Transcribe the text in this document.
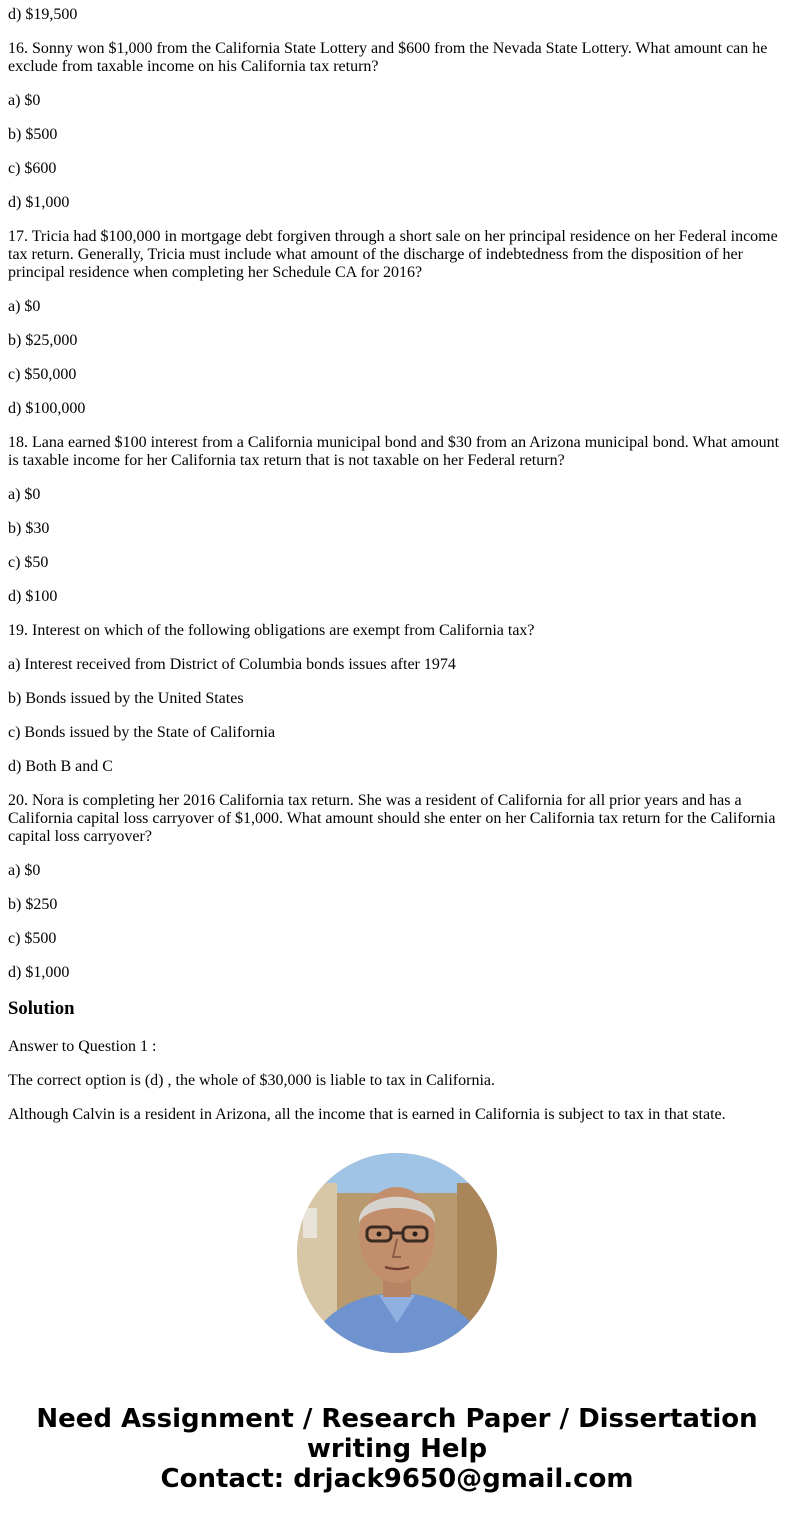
d) $19,500

16. Sonny won $1,000 from the California State Lottery and $600 from the Nevada State Lottery. What amount can he exclude from taxable income on his California tax return?

a) $0

b) $500

c) $600

d) $1,000

17. Tricia had $100,000 in mortgage debt forgiven through a short sale on her principal residence on her Federal income tax return. Generally, Tricia must include what amount of the discharge of indebtedness from the disposition of her principal residence when completing her Schedule CA for 2016?

a) $0

b) $25,000

c) $50,000

d) $100,000

18. Lana earned $100 interest from a California municipal bond and $30 from an Arizona municipal bond. What amount is taxable income for her California tax return that is not taxable on her Federal return?

a) $0

b) $30

c) $50

d) $100

19. Interest on which of the following obligations are exempt from California tax?

a) Interest received from District of Columbia bonds issues after 1974

b) Bonds issued by the United States

c) Bonds issued by the State of California

d) Both B and C

20. Nora is completing her 2016 California tax return. She was a resident of California for all prior years and has a California capital loss carryover of $1,000. What amount should she enter on her California tax return for the California capital loss carryover?

a) $0

b) $250

c) $500

d) $1,000

Solution

Answer to Question 1 :

The correct option is (d) , the whole of $30,000 is liable to tax in California.

Although Calvin is a resident in Arizona, all the income that is earned in California is subject to tax in that state.

Need Assignment / Research Paper / Dissertation
writing Help
Contact: drjack9650@gmail.com
